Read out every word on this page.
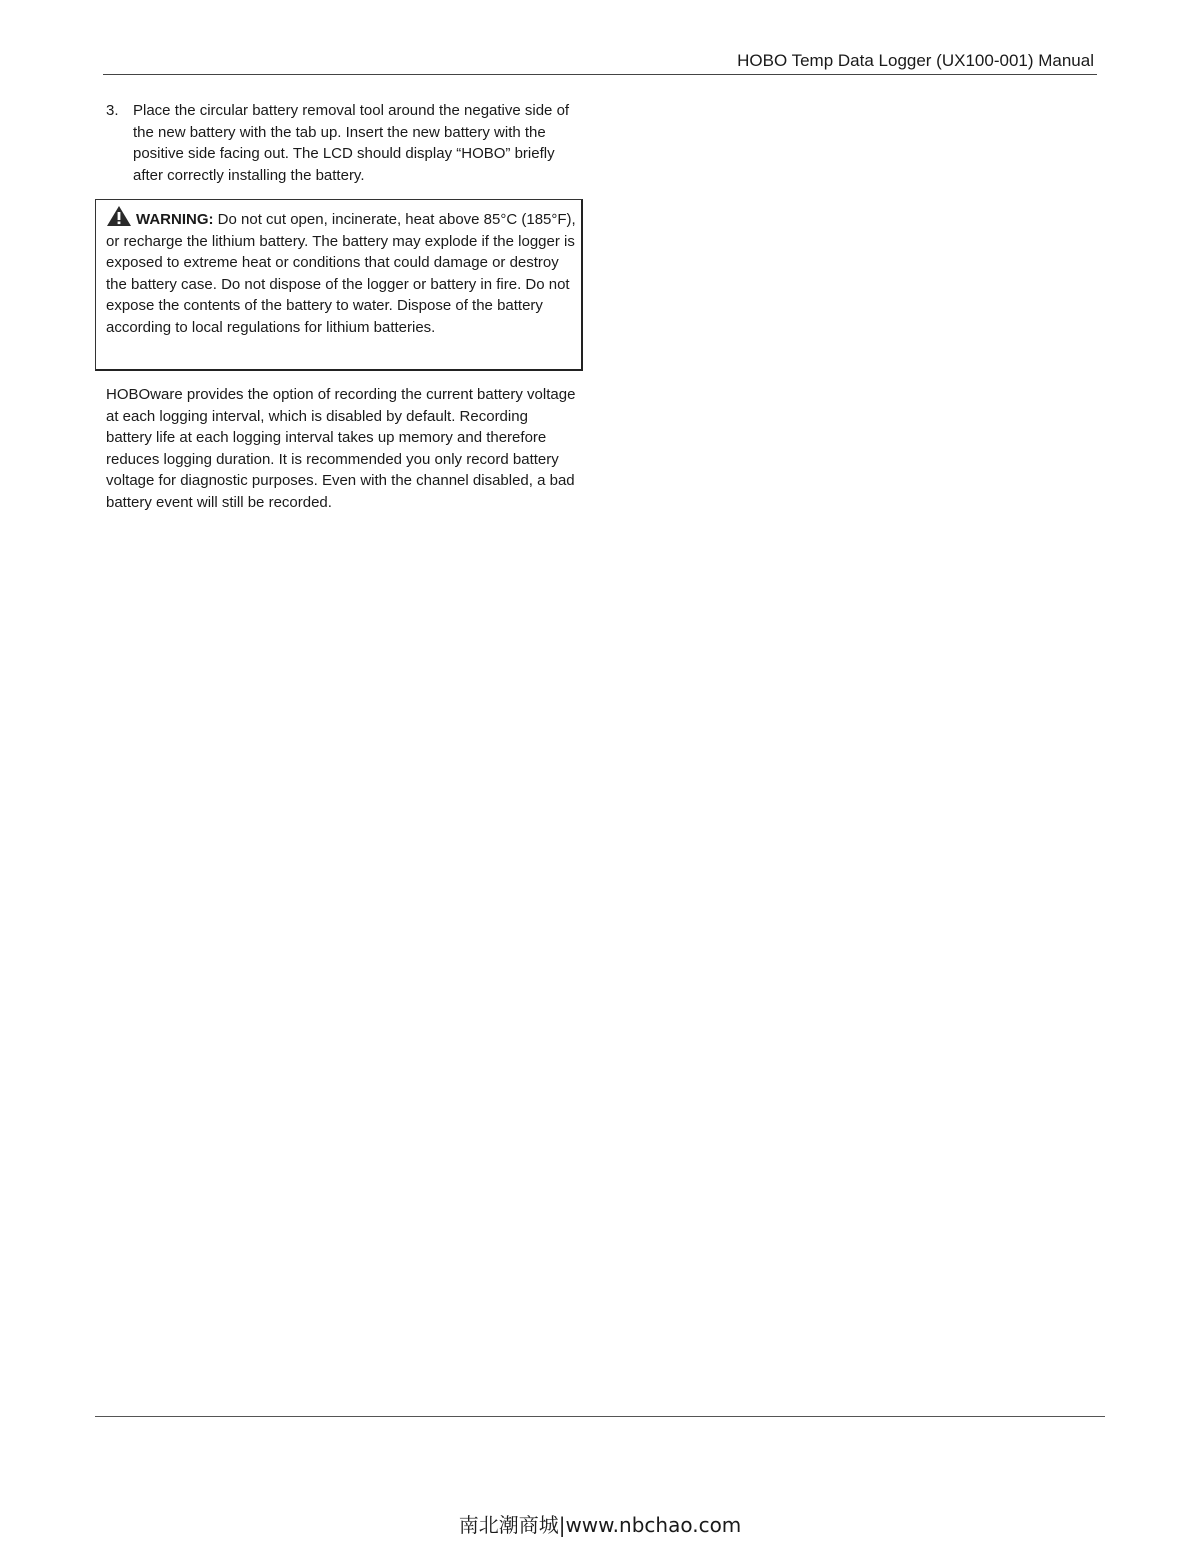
HOBO Temp Data Logger (UX100-001) Manual
3. Place the circular battery removal tool around the negative side of the new battery with the tab up. Insert the new battery with the positive side facing out. The LCD should display “HOBO” briefly after correctly installing the battery.
WARNING: Do not cut open, incinerate, heat above 85°C (185°F), or recharge the lithium battery. The battery may explode if the logger is exposed to extreme heat or conditions that could damage or destroy the battery case. Do not dispose of the logger or battery in fire. Do not expose the contents of the battery to water. Dispose of the battery according to local regulations for lithium batteries.
HOBOware provides the option of recording the current battery voltage at each logging interval, which is disabled by default. Recording battery life at each logging interval takes up memory and therefore reduces logging duration. It is recommended you only record battery voltage for diagnostic purposes. Even with the channel disabled, a bad battery event will still be recorded.
南北潮商城|www.nbchao.com
